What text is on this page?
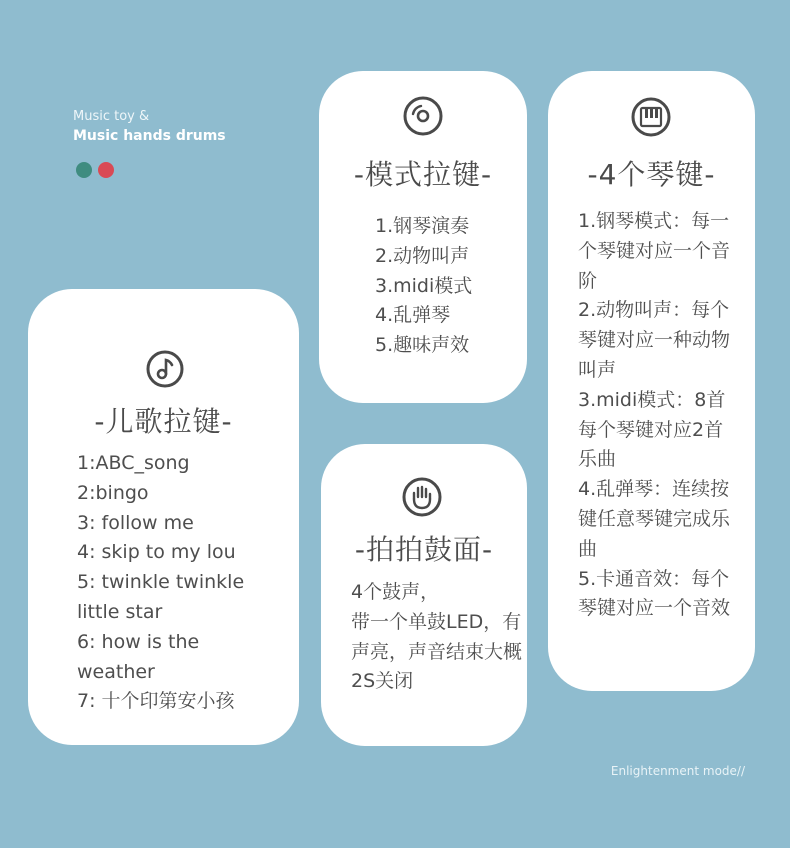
Music toy &
Music hands drums
-儿歌拉键-
1:ABC_song
2:bingo
3: follow me
4: skip to my lou
5: twinkle twinkle little star
6: how is the weather
7: 十个印第安小孩
-模式拉键-
1.钢琴演奏
2.动物叫声
3.midi模式
4.乱弹琴
5.趣味声效
-拍拍鼓面-
4个鼓声，
带一个单鼓LED，有声亮，声音结束大概2S关闭
-4个琴键-
1.钢琴模式：每一个琴键对应一个音阶
2.动物叫声：每个琴键对应一种动物叫声
3.midi模式：8首每个琴键对应2首乐曲
4.乱弹琴：连续按键任意琴键完成乐曲
5.卡通音效：每个琴键对应一个音效
Enlightenment mode//
